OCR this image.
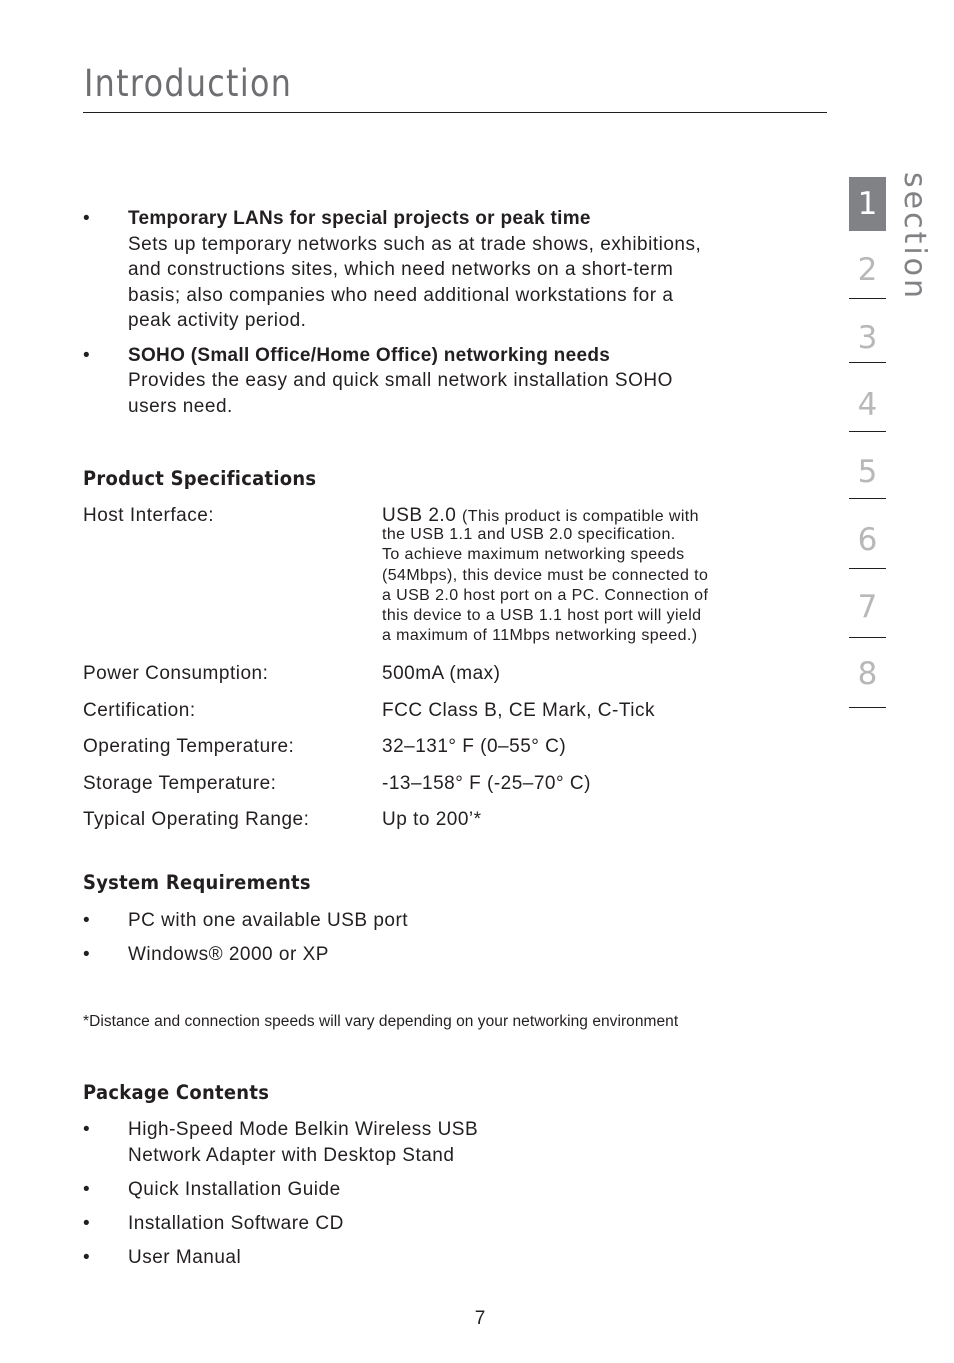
Introduction
• Temporary LANs for special projects or peak time
Sets up temporary networks such as at trade shows, exhibitions,
and constructions sites, which need networks on a short-term
basis; also companies who need additional workstations for a
peak activity period.
• SOHO (Small Office/Home Office) networking needs
Provides the easy and quick small network installation SOHO
users need.
Product Specifications
Host Interface:	USB 2.0 (This product is compatible with
the USB 1.1 and USB 2.0 specification.
To achieve maximum networking speeds
(54Mbps), this device must be connected to
a USB 2.0 host port on a PC. Connection of
this device to a USB 1.1 host port will yield
a maximum of 11Mbps networking speed.)
Power Consumption:	500mA (max)
Certification:	FCC Class B, CE Mark, C-Tick
Operating Temperature:	32–131° F (0–55° C)
Storage Temperature:	-13–158° F (-25–70° C)
Typical Operating Range:	Up to 200’*
System Requirements
• PC with one available USB port
• Windows® 2000 or XP
*Distance and connection speeds will vary depending on your networking environment
Package Contents
• High-Speed Mode Belkin Wireless USB
Network Adapter with Desktop Stand
• Quick Installation Guide
• Installation Software CD
• User Manual
7
1
2
3
4
5
6
7
8
section
